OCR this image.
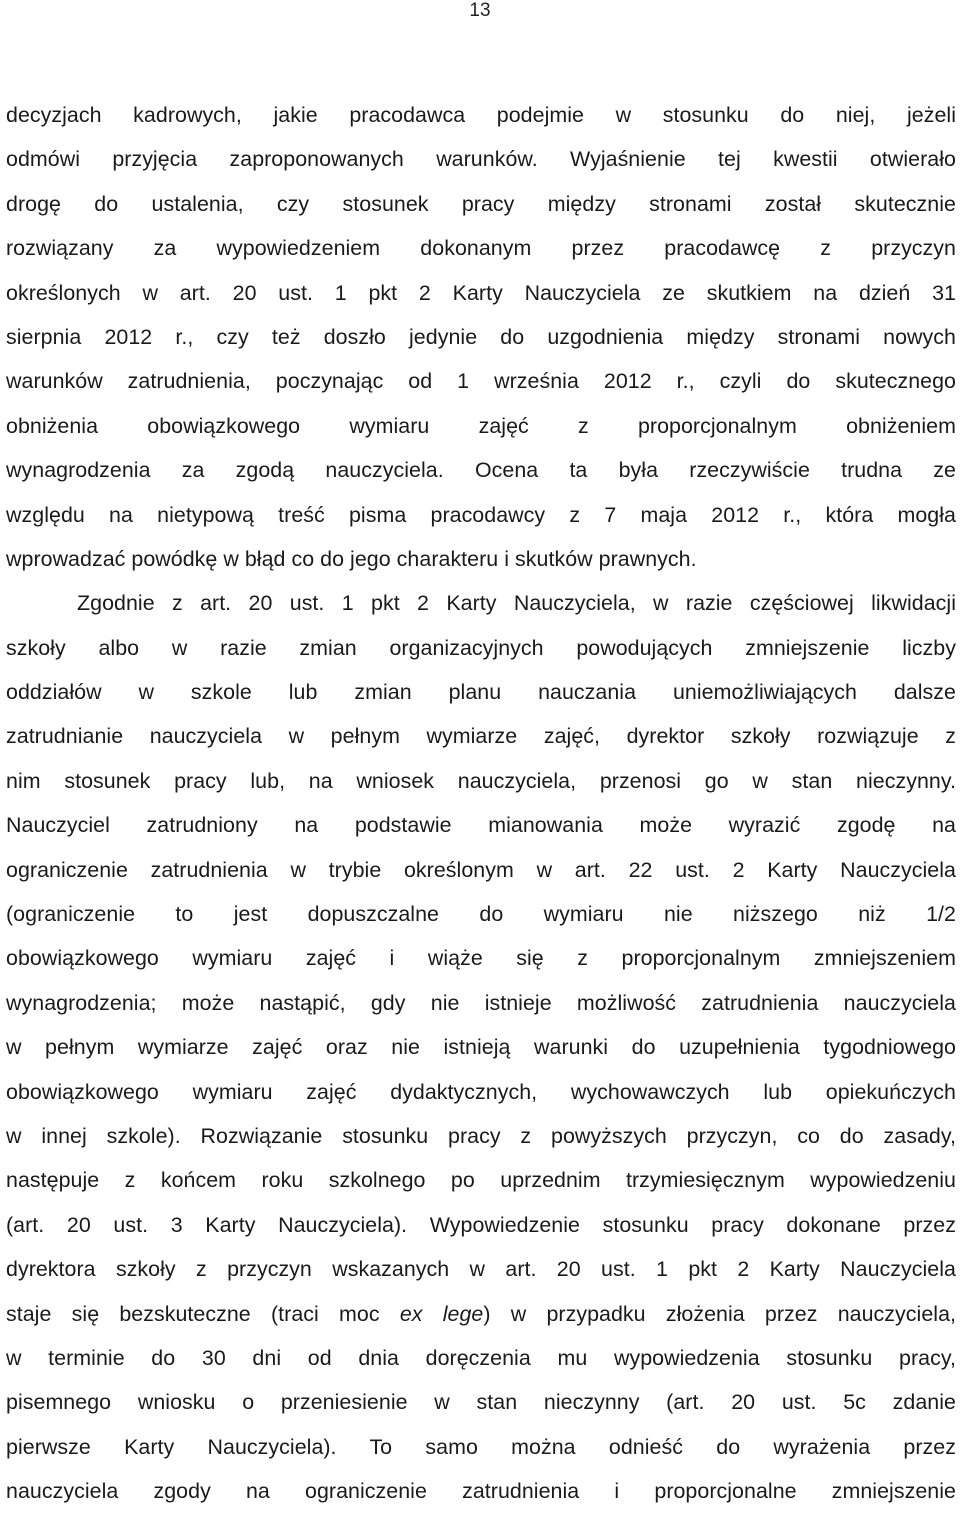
13
decyzjach kadrowych, jakie pracodawca podejmie w stosunku do niej, jeżeli
odmówi przyjęcia zaproponowanych warunków. Wyjaśnienie tej kwestii otwierało
drogę do ustalenia, czy stosunek pracy między stronami został skutecznie
rozwiązany za wypowiedzeniem dokonanym przez pracodawcę z przyczyn
określonych w art. 20 ust. 1 pkt 2 Karty Nauczyciela ze skutkiem na dzień 31
sierpnia 2012 r., czy też doszło jedynie do uzgodnienia między stronami nowych
warunków zatrudnienia, poczynając od 1 września 2012 r., czyli do skutecznego
obniżenia obowiązkowego wymiaru zajęć z proporcjonalnym obniżeniem
wynagrodzenia za zgodą nauczyciela. Ocena ta była rzeczywiście trudna ze
względu na nietypową treść pisma pracodawcy z 7 maja 2012 r., która mogła
wprowadzać powódkę w błąd co do jego charakteru i skutków prawnych.
Zgodnie z art. 20 ust. 1 pkt 2 Karty Nauczyciela, w razie częściowej likwidacji
szkoły albo w razie zmian organizacyjnych powodujących zmniejszenie liczby
oddziałów w szkole lub zmian planu nauczania uniemożliwiających dalsze
zatrudnianie nauczyciela w pełnym wymiarze zajęć, dyrektor szkoły rozwiązuje z
nim stosunek pracy lub, na wniosek nauczyciela, przenosi go w stan nieczynny.
Nauczyciel zatrudniony na podstawie mianowania może wyrazić zgodę na
ograniczenie zatrudnienia w trybie określonym w art. 22 ust. 2 Karty Nauczyciela
(ograniczenie to jest dopuszczalne do wymiaru nie niższego niż 1/2
obowiązkowego wymiaru zajęć i wiąże się z proporcjonalnym zmniejszeniem
wynagrodzenia; może nastąpić, gdy nie istnieje możliwość zatrudnienia nauczyciela
w pełnym wymiarze zajęć oraz nie istnieją warunki do uzupełnienia tygodniowego
obowiązkowego wymiaru zajęć dydaktycznych, wychowawczych lub opiekuńczych
w innej szkole). Rozwiązanie stosunku pracy z powyższych przyczyn, co do zasady,
następuje z końcem roku szkolnego po uprzednim trzymiesięcznym wypowiedzeniu
(art. 20 ust. 3 Karty Nauczyciela). Wypowiedzenie stosunku pracy dokonane przez
dyrektora szkoły z przyczyn wskazanych w art. 20 ust. 1 pkt 2 Karty Nauczyciela
staje się bezskuteczne (traci moc ex lege) w przypadku złożenia przez nauczyciela,
w terminie do 30 dni od dnia doręczenia mu wypowiedzenia stosunku pracy,
pisemnego wniosku o przeniesienie w stan nieczynny (art. 20 ust. 5c zdanie
pierwsze Karty Nauczyciela). To samo można odnieść do wyrażenia przez
nauczyciela zgody na ograniczenie zatrudnienia i proporcjonalne zmniejszenie
